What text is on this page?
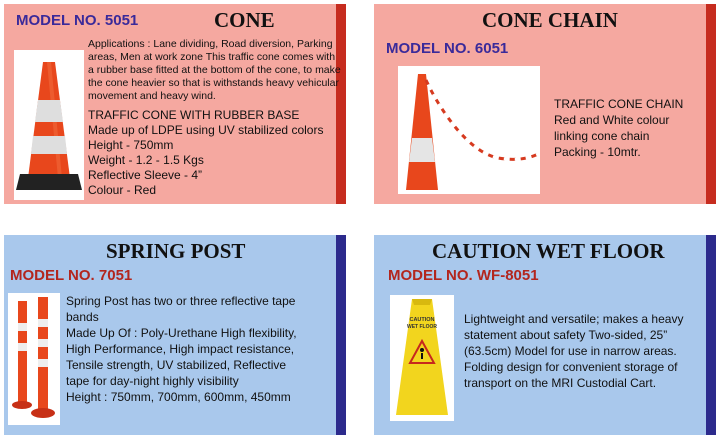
MODEL NO. 5051	CONE
Applications : Lane dividing, Road diversion, Parking
areas, Men at work zone This traffic cone comes with
a rubber base fitted at the bottom of the cone, to make
the cone heavier so that is withstands heavy vehicular
movement and heavy wind.
TRAFFIC CONE WITH RUBBER BASE
Made up of LDPE using UV stabilized colors
Height - 750mm
Weight - 1.2 - 1.5 Kgs
Reflective Sleeve - 4”
Colour - Red
CONE CHAIN
MODEL NO. 6051
TRAFFIC CONE CHAIN
Red and White colour
linking cone chain
Packing - 10mtr.
SPRING POST
MODEL NO. 7051
Spring Post has two or three reflective tape
bands
Made Up Of : Poly-Urethane High flexibility,
High Performance, High impact resistance,
Tensile strength, UV stabilized, Reflective
tape for day-night highly visibility
Height : 750mm, 700mm, 600mm, 450mm
CAUTION WET FLOOR
MODEL NO. WF-8051
CAUTION
WET FLOOR
Lightweight and versatile; makes a heavy
statement about safety Two-sided, 25”
(63.5cm) Model for use in narrow areas.
Folding design for convenient storage of
transport on the MRI Custodial Cart.
